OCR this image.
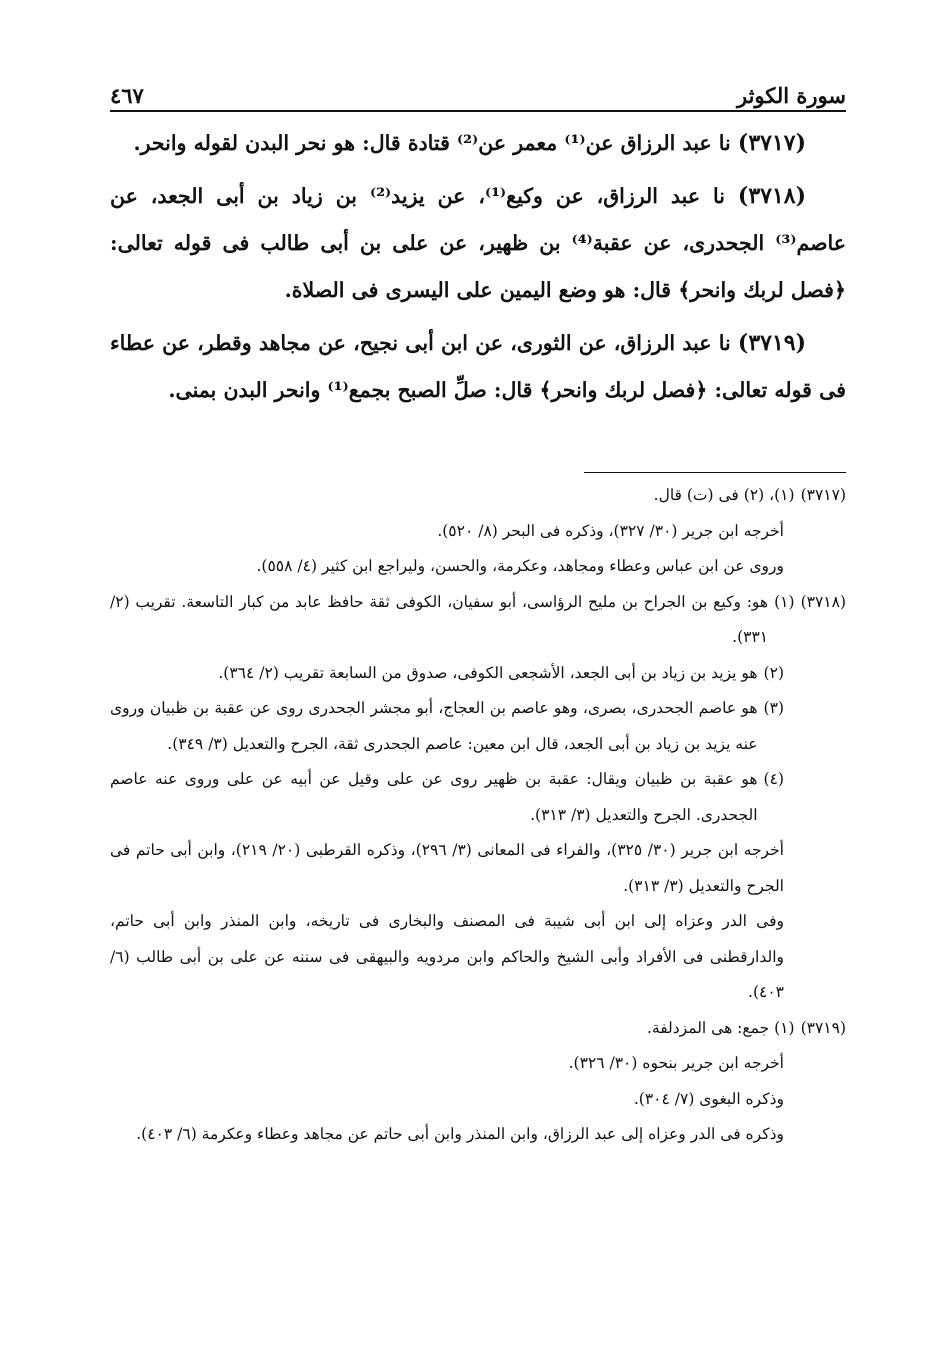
سورة الكوثر
٤٦٧

(٣٧١٧) نا عبد الرزاق عن⁽¹⁾ معمر عن⁽²⁾ قتادة قال: هو نحر البدن لقوله وانحر.

(٣٧١٨) نا عبد الرزاق، عن وكيع⁽¹⁾، عن يزيد⁽²⁾ بن زياد بن أبى الجعد، عن عاصم⁽³⁾ الجحدرى، عن عقبة⁽⁴⁾ بن ظهير، عن على بن أبى طالب فى قوله تعالى: ﴿فصل لربك وانحر﴾ قال: هو وضع اليمين على اليسرى فى الصلاة.

(٣٧١٩) نا عبد الرزاق، عن الثورى، عن ابن أبى نجيح، عن مجاهد وقطر، عن عطاء فى قوله تعالى: ﴿فصل لربك وانحر﴾ قال: صلِّ الصبح بجمع⁽¹⁾ وانحر البدن بمنى.

(٣٧١٧)
(١)، (٢) فى (ت) قال.

أخرجه ابن جرير (٣٠/ ٣٢٧)، وذكره فى البحر (٨/ ٥٢٠).

وروى عن ابن عباس وعطاء ومجاهد، وعكرمة، والحسن، وليراجع ابن كثير (٤/ ٥٥٨).

(٣٧١٨)
(١)
هو: وكيع بن الجراح بن مليح الرؤاسى، أبو سفيان، الكوفى ثقة حافظ عابد من كبار التاسعة. تقريب (٢/ ٣٣١).
(٢)
هو يزيد بن زياد بن أبى الجعد، الأشجعى الكوفى، صدوق من السابعة تقريب (٢/ ٣٦٤).
(٣)
هو عاصم الجحدرى، بصرى، وهو عاصم بن العجاج، أبو مجشر الجحدرى روى عن عقبة بن ظبيان وروى عنه يزيد بن زياد بن أبى الجعد، قال ابن معين: عاصم الجحدرى ثقة، الجرح والتعديل (٣/ ٣٤٩).
(٤)
هو عقبة بن ظبيان ويقال: عقبة بن ظهير روى عن على وقيل عن أبيه عن على وروى عنه عاصم الجحدرى. الجرح والتعديل (٣/ ٣١٣).

أخرجه ابن جرير (٣٠/ ٣٢٥)، والفراء فى المعانى (٣/ ٢٩٦)، وذكره القرطبى (٢٠/ ٢١٩)، وابن أبى حاتم فى الجرح والتعديل (٣/ ٣١٣).

وفى الدر وعزاه إلى ابن أبى شيبة فى المصنف والبخارى فى تاريخه، وابن المنذر وابن أبى حاتم، والدارقطنى فى الأفراد وأبى الشيخ والحاكم وابن مردويه والبيهقى فى سننه عن على بن أبى طالب (٦/ ٤٠٣).

(٣٧١٩)
(١) جمع: هى المزدلفة.

أخرجه ابن جرير بنحوه (٣٠/ ٣٢٦).

وذكره البغوى (٧/ ٣٠٤).

وذكره فى الدر وعزاه إلى عبد الرزاق، وابن المنذر وابن أبى حاتم عن مجاهد وعطاء وعكرمة (٦/ ٤٠٣).
